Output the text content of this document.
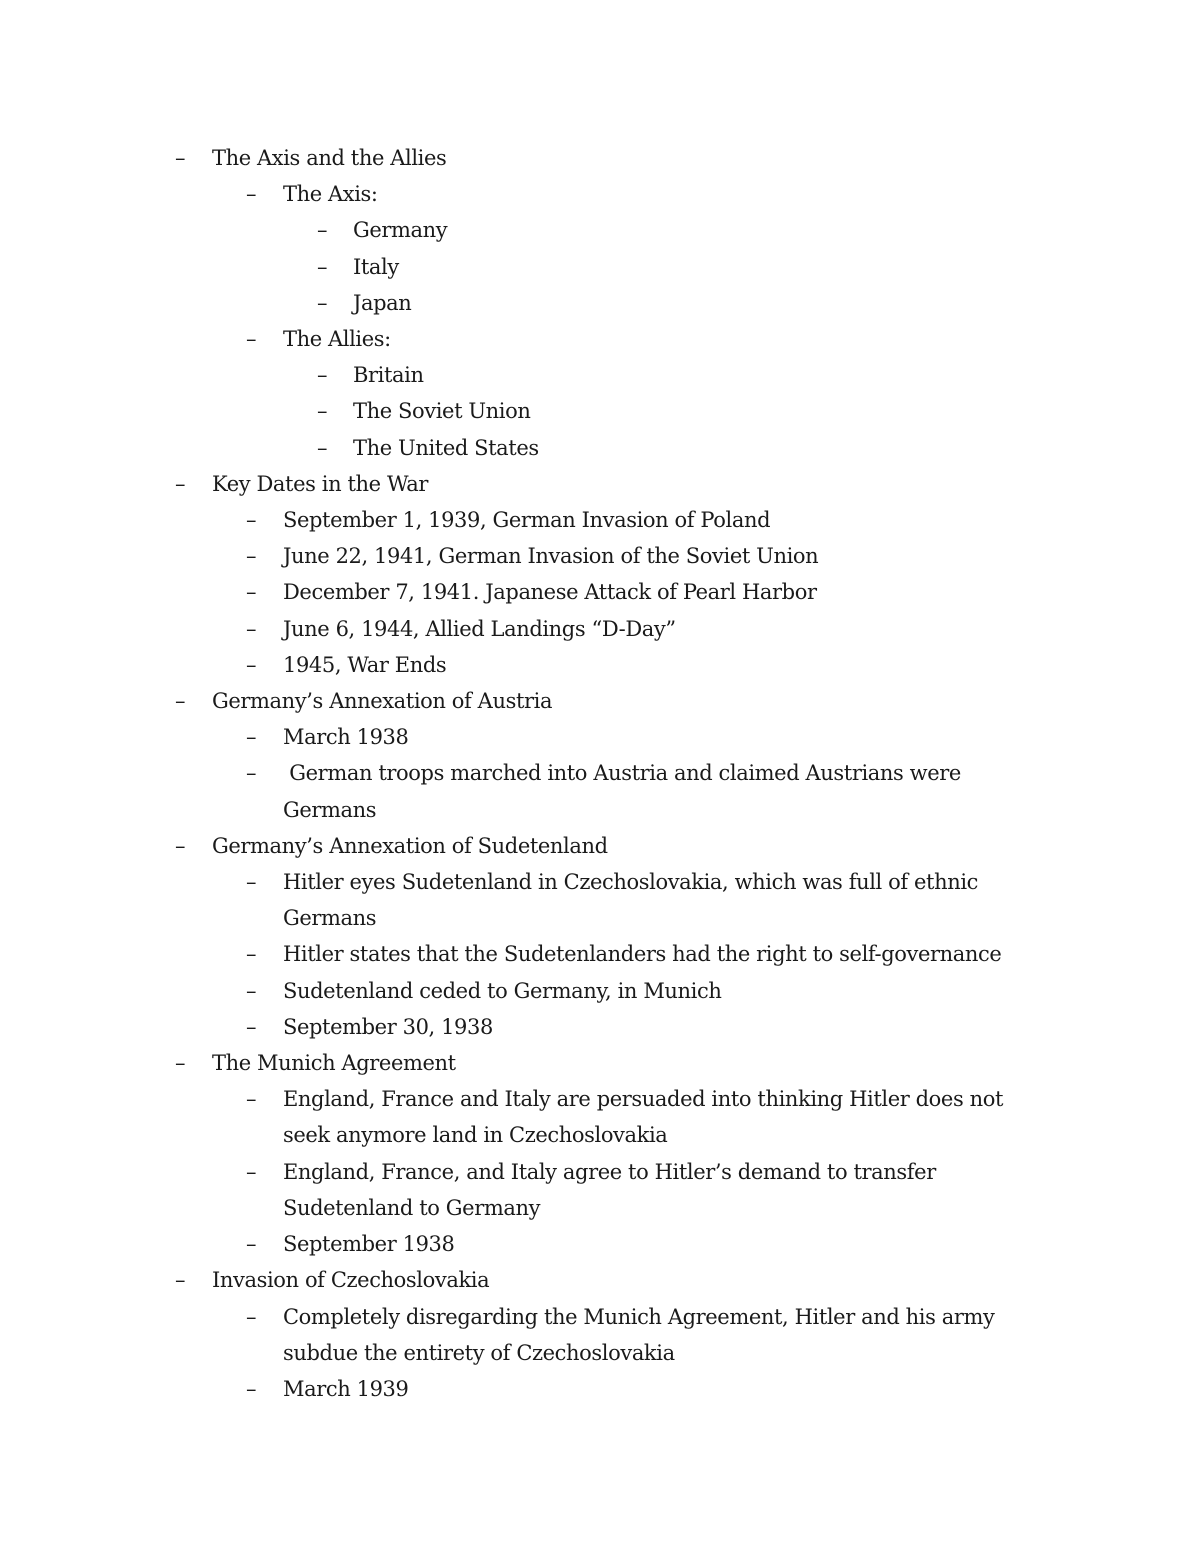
–	The Axis and the Allies
–	The Axis:
–	Germany
–	Italy
–	Japan
–	The Allies:
–	Britain
–	The Soviet Union
–	The United States
–	Key Dates in the War
–	September 1, 1939, German Invasion of Poland
–	June 22, 1941, German Invasion of the Soviet Union
–	December 7, 1941. Japanese Attack of Pearl Harbor
–	June 6, 1944, Allied Landings “D-Day”
–	1945, War Ends
–	Germany’s Annexation of Austria
–	March 1938
–	German troops marched into Austria and claimed Austrians were Germans
–	Germany’s Annexation of Sudetenland
–	Hitler eyes Sudetenland in Czechoslovakia, which was full of ethnic Germans
–	Hitler states that the Sudetenlanders had the right to self-governance
–	Sudetenland ceded to Germany, in Munich
–	September 30, 1938
–	The Munich Agreement
–	England, France and Italy are persuaded into thinking Hitler does not seek anymore land in Czechoslovakia
–	England, France, and Italy agree to Hitler’s demand to transfer Sudetenland to Germany
–	September 1938
–	Invasion of Czechoslovakia
–	Completely disregarding the Munich Agreement, Hitler and his army subdue the entirety of Czechoslovakia
–	March 1939
